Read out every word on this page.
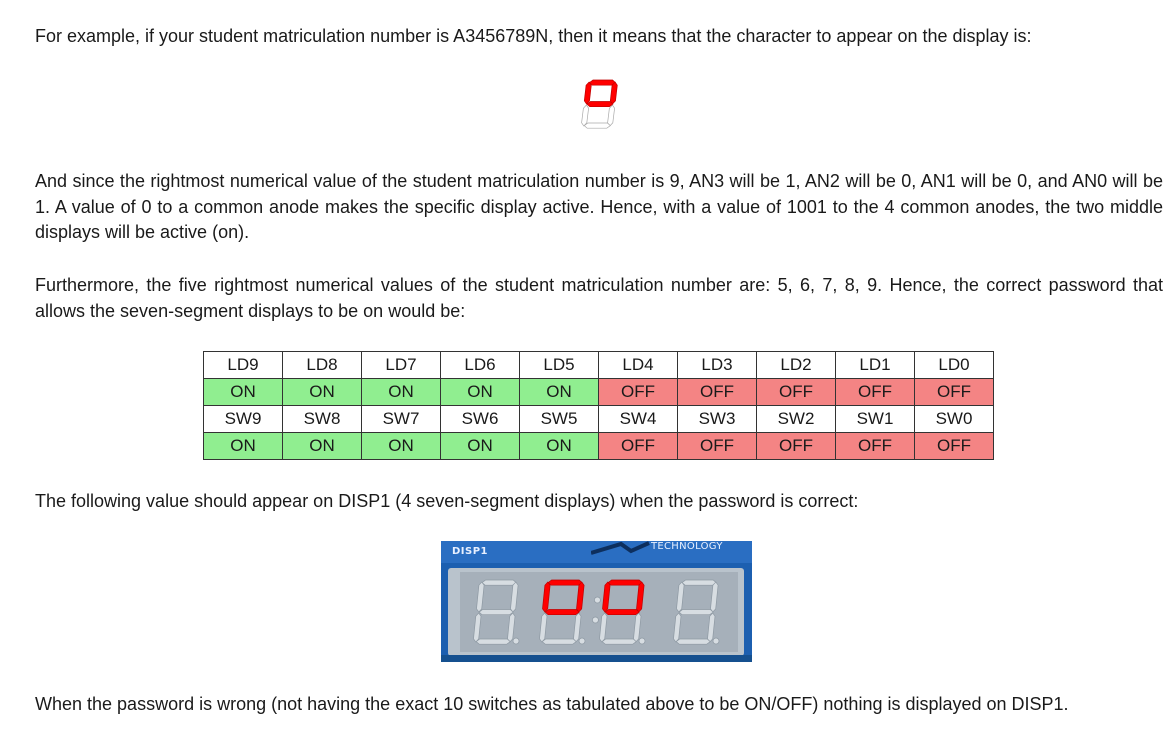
For example, if your student matriculation number is A3456789N, then it means that the character to appear on the display is:

And since the rightmost numerical value of the student matriculation number is 9, AN3 will be 1, AN2 will be 0, AN1 will be 0, and AN0 will be 1. A value of 0 to a common anode makes the specific display active. Hence, with a value of 1001 to the 4 common anodes, the two middle displays will be active (on).

Furthermore, the five rightmost numerical values of the student matriculation number are: 5, 6, 7, 8, 9. Hence, the correct password that allows the seven-segment displays to be on would be:

LD9	LD8	LD7	LD6	LD5	LD4	LD3	LD2	LD1	LD0
ON	ON	ON	ON	ON	OFF	OFF	OFF	OFF	OFF
SW9	SW8	SW7	SW6	SW5	SW4	SW3	SW2	SW1	SW0
ON	ON	ON	ON	ON	OFF	OFF	OFF	OFF	OFF

The following value should appear on DISP1 (4 seven-segment displays) when the password is correct:

DISP1	TECHNOLOGY

When the password is wrong (not having the exact 10 switches as tabulated above to be ON/OFF) nothing is displayed on DISP1.
